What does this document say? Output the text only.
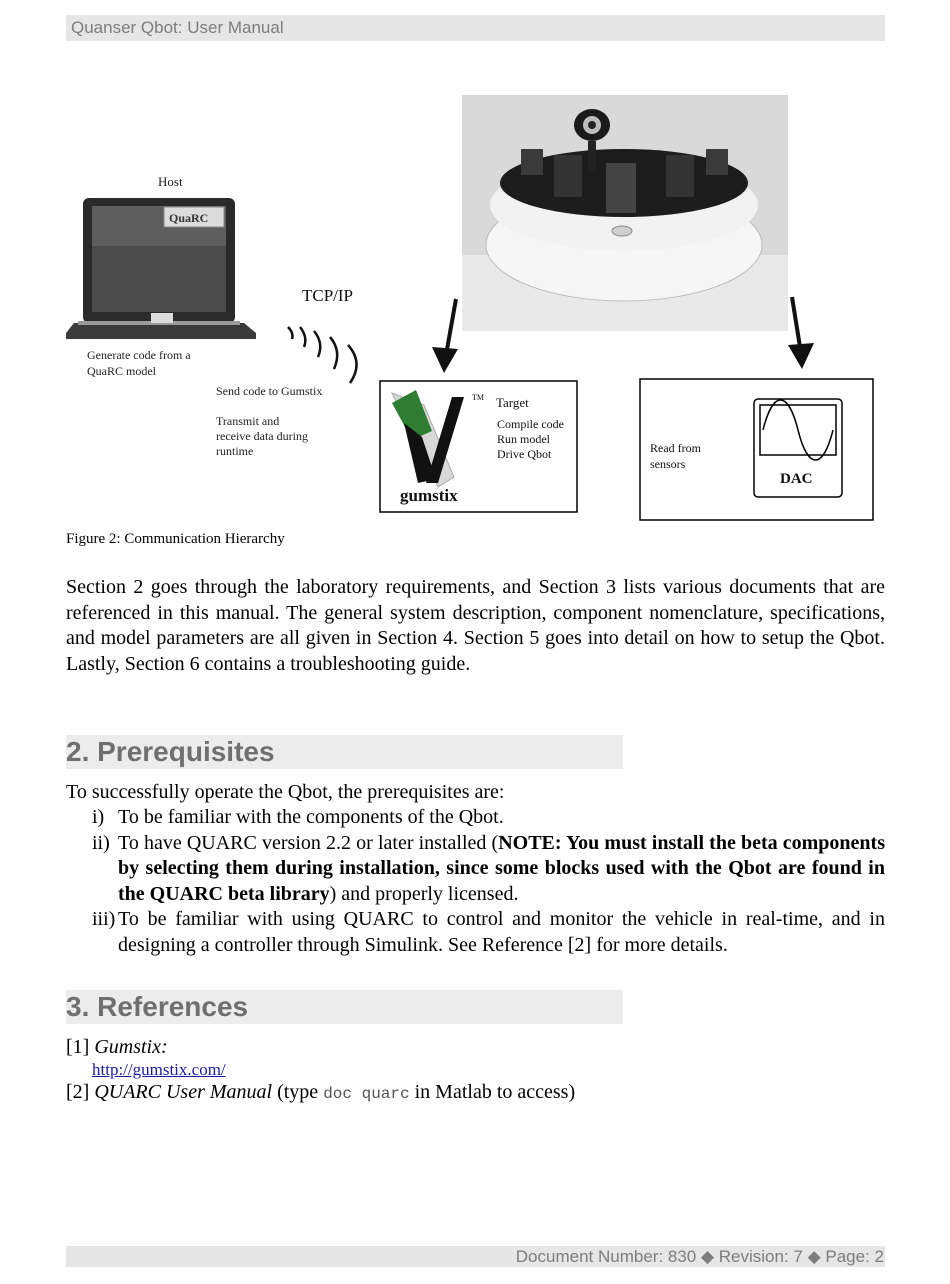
Quanser Qbot: User Manual
Host
QuaRC
Generate code from a
QuaRC model
TCP/IP
Send code to Gumstix
Transmit and
receive data during
runtime
gumstix
TM Target
Compile code
Run model
Drive Qbot	Read from
sensors
DAC
Figure 2: Communication Hierarchy
Section 2 goes through the laboratory requirements, and Section 3 lists various documents that are referenced in this manual. The general system description, component nomenclature, specifications, and model parameters are all given in Section 4. Section 5 goes into detail on how to setup the Qbot. Lastly, Section 6 contains a troubleshooting guide.
2. Prerequisites
To successfully operate the Qbot, the prerequisites are:
i) To be familiar with the components of the Qbot.
ii) To have QUARC version 2.2 or later installed (NOTE: You must install the beta components by selecting them during installation, since some blocks used with the Qbot are found in the QUARC beta library) and properly licensed.
iii) To be familiar with using QUARC to control and monitor the vehicle in real-time, and in designing a controller through Simulink. See Reference [2] for more details.
3. References
[1] Gumstix:
http://gumstix.com/
[2] QUARC User Manual (type doc quarc in Matlab to access)
Document Number: 830 ◆ Revision: 7 ◆ Page: 2
